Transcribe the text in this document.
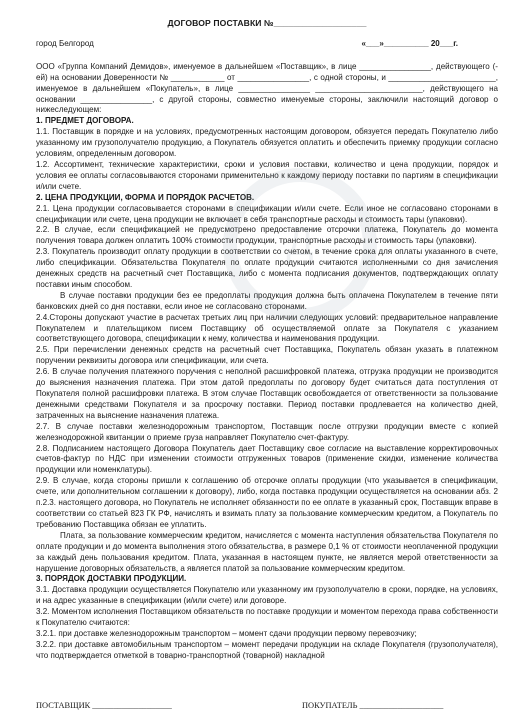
Д
ДОГОВОР ПОСТАВКИ №___________________
город Белгород	«___»__________ 20___г.

ООО «Группа Компаний Демидов», именуемое в дальнейшем «Поставщик», в лице ________________, действующего (-ей) на основании Доверенности № ____________ от ________________, с одной стороны, и ________________________, именуемое в дальнейшем «Покупатель», в лице ________________ ________________________, действующего на основании ________________, с другой стороны, совместно именуемые стороны, заключили настоящий договор о нижеследующем:

1. ПРЕДМЕТ ДОГОВОРА.

1.1. Поставщик в порядке и на условиях, предусмотренных настоящим договором, обязуется передать Покупателю либо указанному им грузополучателю продукцию, а Покупатель обязуется оплатить и обеспечить приемку продукции согласно условиям, определенным договором.

1.2. Ассортимент, технические характеристики, сроки и условия поставки, количество и цена продукции, порядок и условия ее оплаты согласовываются сторонами применительно к каждому периоду поставки по партиям в спецификации и/или счете.

2. ЦЕНА ПРОДУКЦИИ, ФОРМА И ПОРЯДОК РАСЧЕТОВ.

2.1. Цена продукции согласовывается сторонами в спецификации и/или счете. Если иное не согласовано сторонами в спецификации или счете, цена продукции не включает в себя транспортные расходы и стоимость тары (упаковки).

2.2. В случае, если спецификацией не предусмотрено предоставление отсрочки платежа, Покупатель до момента получения товара должен оплатить 100% стоимости продукции, транспортные расходы и стоимость тары (упаковки).

2.3. Покупатель производит оплату продукции в соответствии со счетом, в течение срока для оплаты указанного в счете, либо спецификации. Обязательства Покупателя по оплате продукции считаются исполненными со дня зачисления денежных средств на расчетный счет Поставщика, либо с момента подписания документов, подтверждающих оплату поставки иным способом.

В случае поставки продукции без ее предоплаты продукция должна быть оплачена Покупателем в течение пяти банковских дней со дня поставки, если иное не согласовано сторонами.

2.4.Стороны допускают участие в расчетах третьих лиц при наличии следующих условий: предварительное направление Покупателем и плательщиком писем Поставщику об осуществляемой оплате за Покупателя с указанием соответствующего договора, спецификации к нему, количества и наименования продукции.

2.5. При перечислении денежных средств на расчетный счет Поставщика, Покупатель обязан указать в платежном поручении реквизиты договора или спецификации, или счета.

2.6. В случае получения платежного поручения с неполной расшифровкой платежа, отгрузка продукции не производится до выяснения назначения платежа. При этом датой предоплаты по договору будет считаться дата поступления от Покупателя полной расшифровки платежа. В этом случае Поставщик освобождается от ответственности за пользование денежными средствами Покупателя и за просрочку поставки. Период поставки продлевается на количество дней, затраченных на выяснение назначения платежа.

2.7. В случае поставки железнодорожным транспортом, Поставщик после отгрузки продукции вместе с копией железнодорожной квитанции о приеме груза направляет Покупателю счет-фактуру.

2.8. Подписанием настоящего Договора Покупатель дает Поставщику свое согласие на выставление корректировочных счетов-фактур по НДС при изменении стоимости отгруженных товаров (применение скидки, изменение количества продукции или номенклатуры).

2.9. В случае, когда стороны пришли к соглашению об отсрочке оплаты продукции (что указывается в спецификации, счете, или дополнительном соглашении к договору), либо, когда поставка продукции осуществляется на основании абз. 2 п.2.3. настоящего договора, но Покупатель не исполняет обязанности по ее оплате в указанный срок, Поставщик вправе в соответствии со статьей 823 ГК РФ, начислять и взимать плату за пользование коммерческим кредитом, а Покупатель по требованию Поставщика обязан ее уплатить.

Плата, за пользование коммерческим кредитом, начисляется с момента наступления обязательства Покупателя по оплате продукции и до момента выполнения этого обязательства, в размере 0,1 % от стоимости неоплаченной продукции за каждый день пользования кредитом. Плата, указанная в настоящем пункте, не является мерой ответственности за нарушение договорных обязательств, а является платой за пользование коммерческим кредитом.

3. ПОРЯДОК ДОСТАВКИ ПРОДУКЦИИ.

3.1. Доставка продукции осуществляется Покупателю или указанному им грузополучателю в сроки, порядке, на условиях, и на адрес указанные в спецификации (и/или счете) или договоре.

3.2. Моментом исполнения Поставщиком обязательств по поставке продукции и моментом перехода права собственности к Покупателю считаются:

3.2.1. при доставке железнодорожным транспортом – момент сдачи продукции первому перевозчику;

3.2.2. при доставке автомобильным транспортом – момент передачи продукции на складе Покупателя (грузополучателя), что подтверждается отметкой в товарно-транспортной (товарной) накладной

ПОСТАВЩИК ___________________	ПОКУПАТЕЛЬ ____________________
